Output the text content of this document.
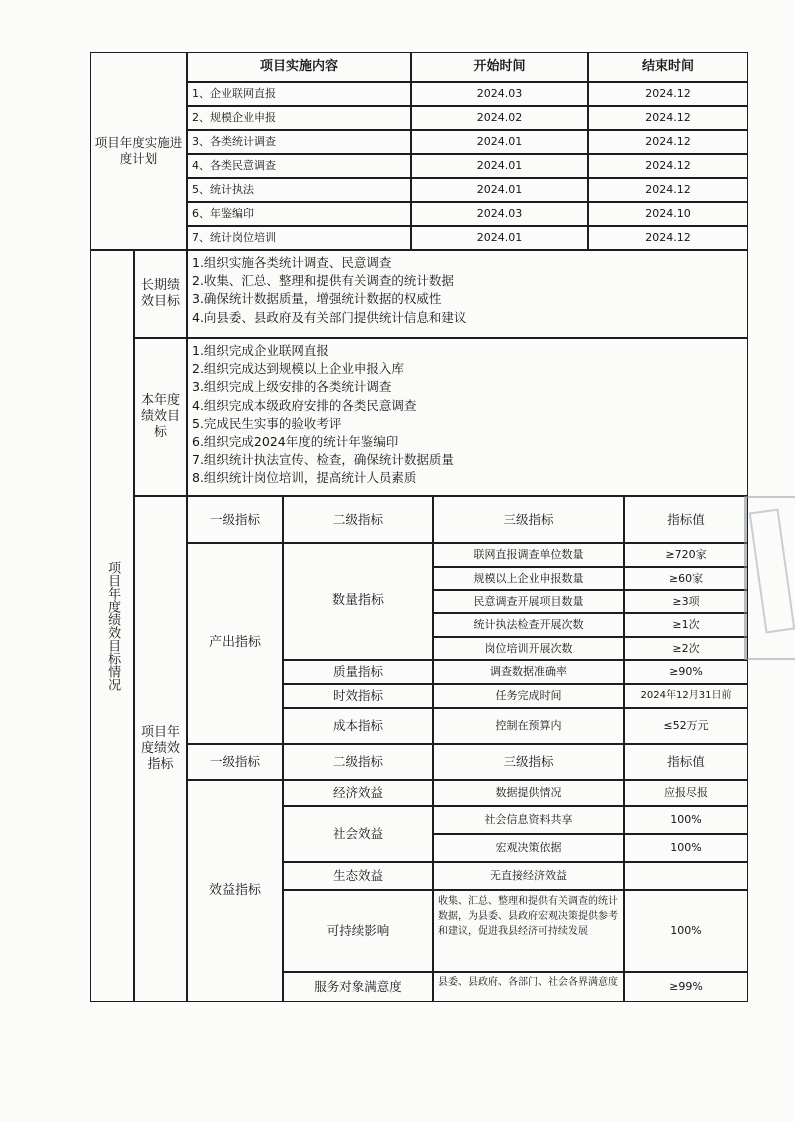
项目年度实施进度计划
项目实施内容	开始时间	结束时间
1、企业联网直报	2024.03	2024.12
2、规模企业申报	2024.02	2024.12
3、各类统计调查	2024.01	2024.12
4、各类民意调查	2024.01	2024.12
5、统计执法	2024.01	2024.12
6、年鉴编印	2024.03	2024.10
7、统计岗位培训	2024.01	2024.12
项目年度绩效目标情况
长期绩效目标
1.组织实施各类统计调查、民意调查
2.收集、汇总、整理和提供有关调查的统计数据
3.确保统计数据质量，增强统计数据的权威性
4.向县委、县政府及有关部门提供统计信息和建议
本年度绩效目标
1.组织完成企业联网直报
2.组织完成达到规模以上企业申报入库
3.组织完成上级安排的各类统计调查
4.组织完成本级政府安排的各类民意调查
5.完成民生实事的验收考评
6.组织完成2024年度的统计年鉴编印
7.组织统计执法宣传、检查，确保统计数据质量
8.组织统计岗位培训，提高统计人员素质
项目年度绩效指标
一级指标	二级指标	三级指标	指标值
产出指标
数量指标
联网直报调查单位数量	≥720家
规模以上企业申报数量	≥60家
民意调查开展项目数量	≥3项
统计执法检查开展次数	≥1次
岗位培训开展次数	≥2次
质量指标	调查数据准确率	≥90%
时效指标	任务完成时间	2024年12月31日前
成本指标	控制在预算内	≤52万元
一级指标	二级指标	三级指标	指标值
效益指标
经济效益	数据提供情况	应报尽报
社会效益
社会信息资料共享	100%
宏观决策依据	100%
生态效益	无直接经济效益
可持续影响
收集、汇总、整理和提供有关调查的统计数据，为县委、县政府宏观决策提供参考和建议，促进我县经济可持续发展	100%
服务对象满意度	县委、县政府、各部门、社会各界满意度	≥99%
